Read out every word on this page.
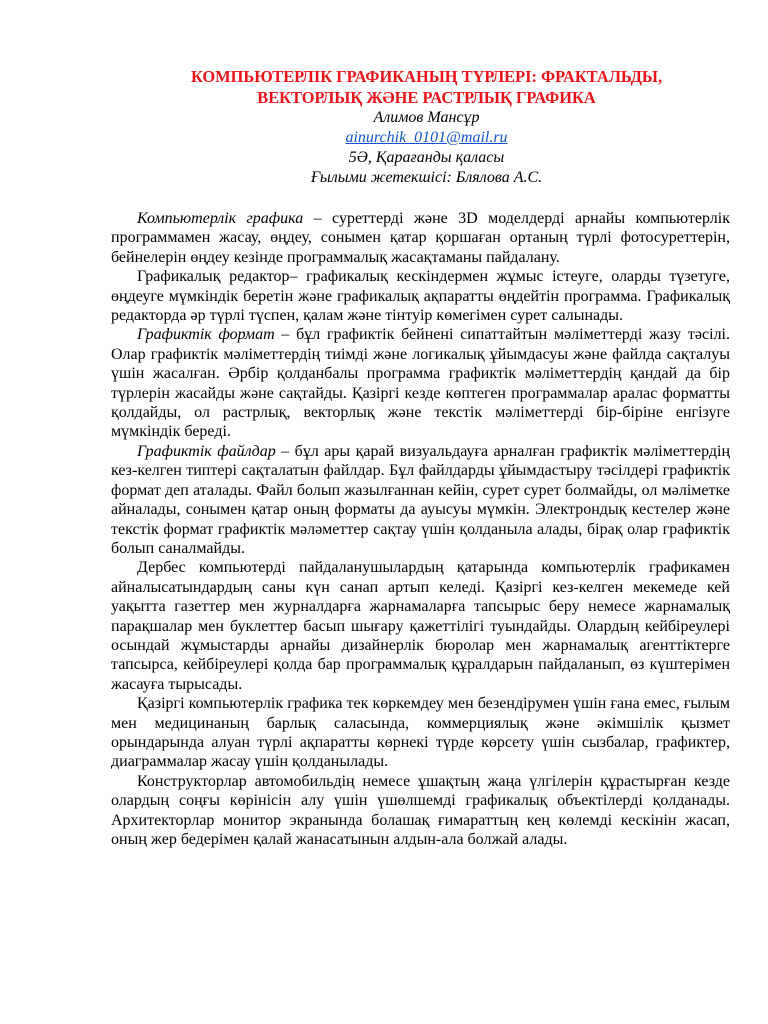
КОМПЬЮТЕРЛІК ГРАФИКАНЫҢ ТҮРЛЕРІ: ФРАКТАЛЬДЫ,
ВЕКТОРЛЫҚ ЖӘНЕ РАСТРЛЫҚ ГРАФИКА

Алимов Мансұр
ainurchik_0101@mail.ru
5Ә, Қарағанды қаласы
Ғылыми жетекшісі: Блялова А.С.

Компьютерлік графика – суреттерді және 3D моделдерді арнайы компьютерлік программамен жасау, өңдеу, сонымен қатар қоршаған ортаның түрлі фотосуреттерін, бейнелерін өңдеу кезінде программалық жасақтаманы пайдалану.

Графикалық редактор– графикалық кескіндермен жұмыс істеуге, оларды түзетуге, өңдеуге мүмкіндік беретін және графикалық ақпаратты өңдейтін программа. Графикалық редакторда әр түрлі түспен, қалам және тінтуір көмегімен сурет салынады.

Графиктік формат – бұл графиктік бейнені сипаттайтын мәліметтерді жазу тәсілі. Олар графиктік мәліметтердің тиімді және логикалық ұйымдасуы және файлда сақталуы үшін жасалған. Әрбір қолданбалы программа графиктік мәліметтердің қандай да бір түрлерін жасайды және сақтайды. Қазіргі кезде көптеген программалар аралас форматты қолдайды, ол растрлық, векторлық және текстік мәліметтерді бір-біріне енгізуге мүмкіндік береді.

Графиктік файлдар – бұл ары қарай визуальдауға арналған графиктік мәліметтердің кез-келген типтері сақталатын файлдар. Бұл файлдарды ұйымдастыру тәсілдері графиктік формат деп аталады. Файл болып жазылғаннан кейін, сурет сурет болмайды, ол мәліметке айналады, сонымен қатар оның форматы да ауысуы мүмкін. Электрондық кестелер және текстік формат графиктік мәләметтер сақтау үшін қолданыла алады, бірақ олар графиктік болып саналмайды.

Дербес компьютерді пайдаланушылардың қатарында компьютерлік графикамен айналысатындардың саны күн санап артып келеді. Қазіргі кез-келген мекемеде кей уақытта газеттер мен журналдарға жарнамаларға тапсырыс беру немесе жарнамалық парақшалар мен буклеттер басып шығару қажеттілігі туындайды. Олардың кейбіреулері осындай жұмыстарды арнайы дизайнерлік бюролар мен жарнамалық агенттіктерге тапсырса, кейбіреулері қолда бар программалық құралдарын пайдаланып, өз күштерімен жасауға тырысады.

Қазіргі компьютерлік графика тек көркемдеу мен безендірумен үшін ғана емес, ғылым мен медицинаның барлық саласында, коммерциялық және әкімшілік қызмет орындарында алуан түрлі ақпаратты көрнекі түрде көрсету үшін сызбалар, графиктер, диаграммалар жасау үшін қолданылады.

Конструкторлар автомобильдің немесе ұшақтың жаңа үлгілерін құрастырған кезде олардың соңғы көрінісін алу үшін үшөлшемді графикалық объектілерді қолданады. Архитекторлар монитор экранында болашақ ғимараттың кең көлемді кескінін жасап, оның жер бедерімен қалай жанасатынын алдын-ала болжай алады.
